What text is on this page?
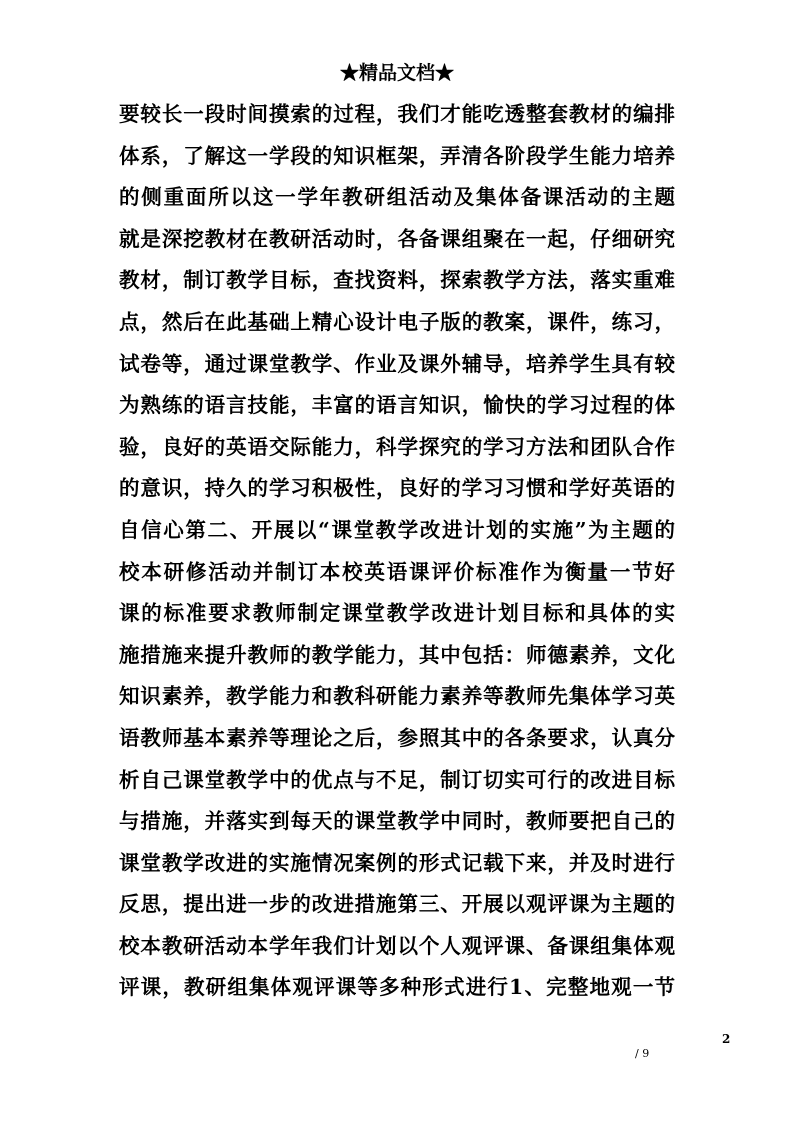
★精品文档★
要较长一段时间摸索的过程，我们才能吃透整套教材的编排
体系，了解这一学段的知识框架，弄清各阶段学生能力培养
的侧重面所以这一学年教研组活动及集体备课活动的主题
就是深挖教材在教研活动时，各备课组聚在一起，仔细研究
教材，制订教学目标，查找资料，探索教学方法，落实重难
点，然后在此基础上精心设计电子版的教案，课件，练习，
试卷等，通过课堂教学、作业及课外辅导，培养学生具有较
为熟练的语言技能，丰富的语言知识，愉快的学习过程的体
验，良好的英语交际能力，科学探究的学习方法和团队合作
的意识，持久的学习积极性，良好的学习习惯和学好英语的
自信心第二、开展以“课堂教学改进计划的实施”为主题的
校本研修活动并制订本校英语课评价标准作为衡量一节好
课的标准要求教师制定课堂教学改进计划目标和具体的实
施措施来提升教师的教学能力，其中包括：师德素养，文化
知识素养，教学能力和教科研能力素养等教师先集体学习英
语教师基本素养等理论之后，参照其中的各条要求，认真分
析自己课堂教学中的优点与不足，制订切实可行的改进目标
与措施，并落实到每天的课堂教学中同时，教师要把自己的
课堂教学改进的实施情况案例的形式记载下来，并及时进行
反思，提出进一步的改进措施第三、开展以观评课为主题的
校本教研活动本学年我们计划以个人观评课、备课组集体观
评课，教研组集体观评课等多种形式进行1、完整地观一节
2
/ 9
